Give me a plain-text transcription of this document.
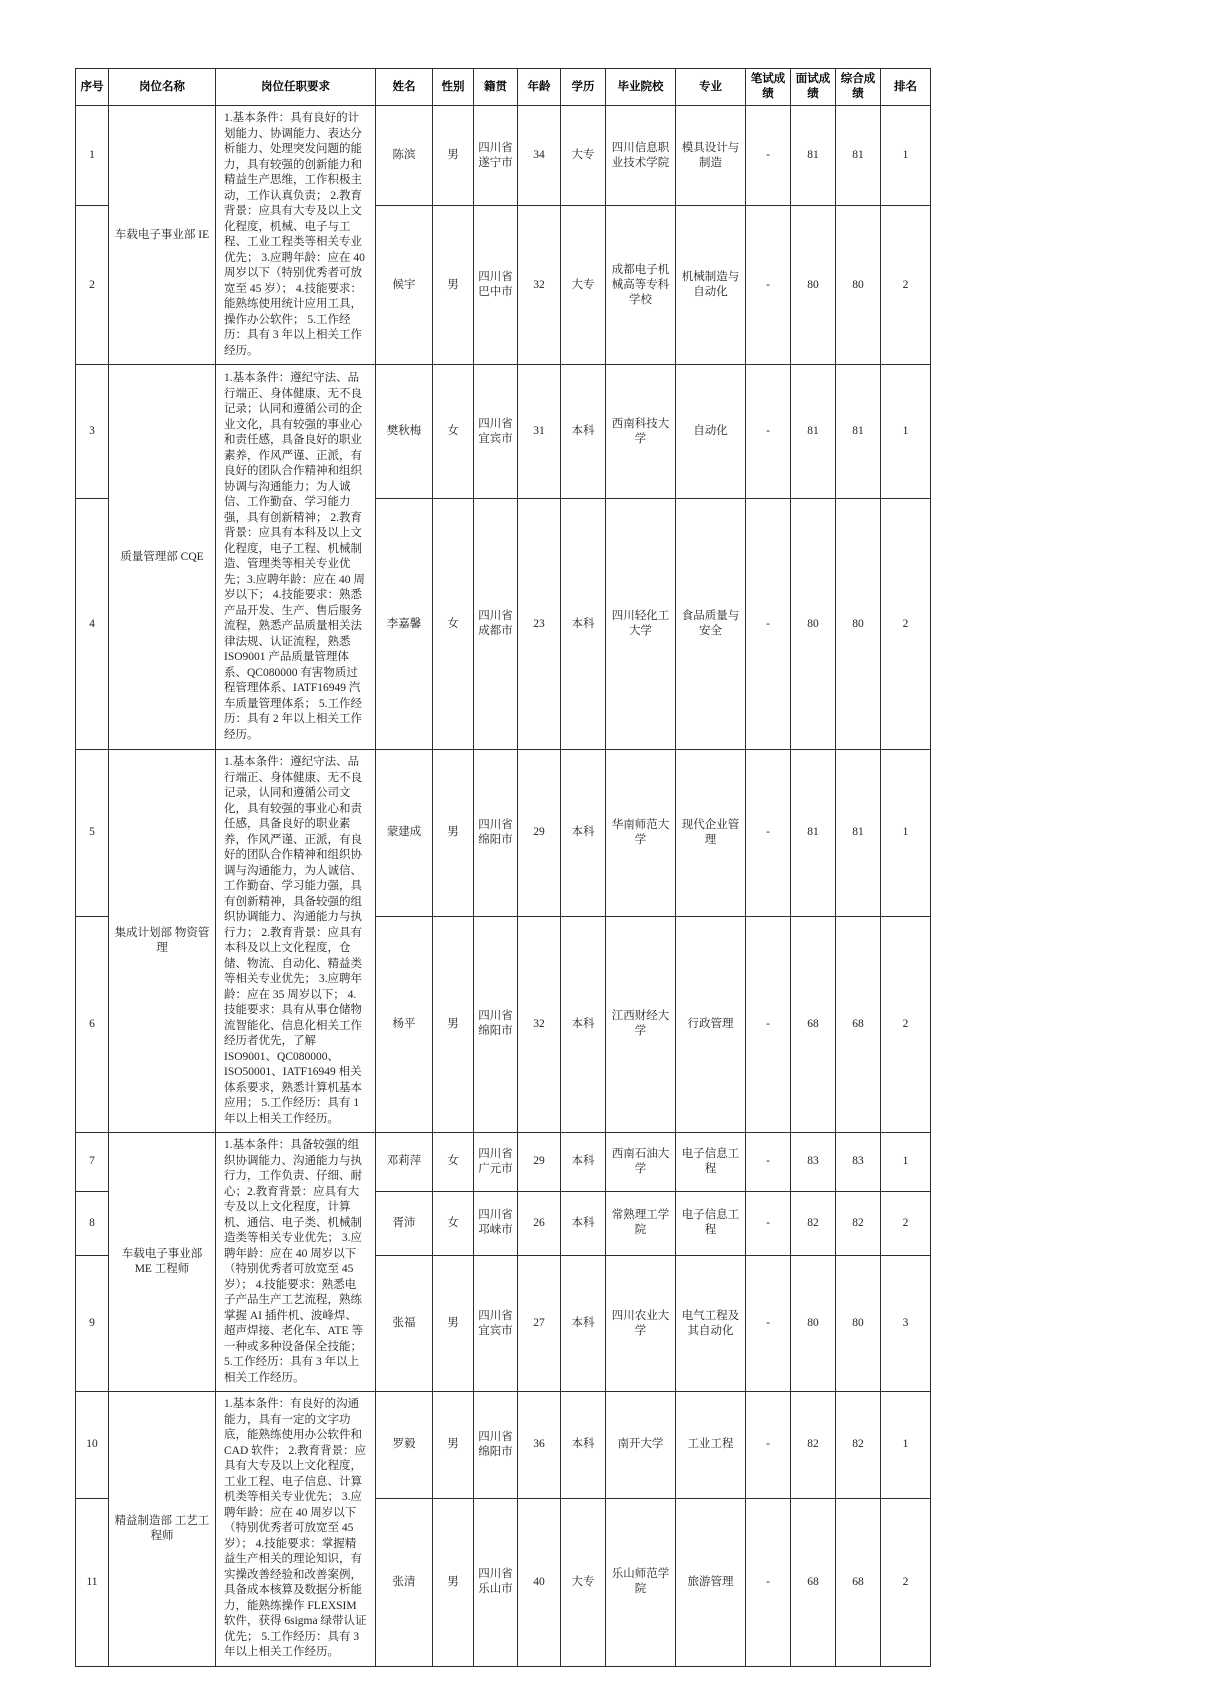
序号	岗位名称	岗位任职要求	姓名	性别	籍贯	年龄	学历	毕业院校	专业	笔试成绩	面试成绩	综合成绩	排名
1	车载电子事业部 IE	1.基本条件：具有良好的计划能力、协调能力、表达分析能力、处理突发问题的能力，具有较强的创新能力和精益生产思维，工作积极主动，工作认真负责； 2.教育背景：应具有大专及以上文化程度，机械、电子与工程、工业工程类等相关专业优先； 3.应聘年龄：应在 40 周岁以下（特别优秀者可放宽至 45 岁）； 4.技能要求：能熟练使用统计应用工具，操作办公软件； 5.工作经历：具有 3 年以上相关工作经历。	陈滨	男	四川省遂宁市	34	大专	四川信息职业技术学院	模具设计与制造	-	81	81	1
2			候宇	男	四川省巴中市	32	大专	成都电子机械高等专科学校	机械制造与自动化	-	80	80	2
3	质量管理部 CQE	1.基本条件：遵纪守法、品行端正、身体健康、无不良记录；认同和遵循公司的企业文化，具有较强的事业心和责任感，具备良好的职业素养，作风严谨、正派，有良好的团队合作精神和组织协调与沟通能力；为人诚信、工作勤奋、学习能力强，具有创新精神； 2.教育背景：应具有本科及以上文化程度，电子工程、机械制造、管理类等相关专业优先；3.应聘年龄：应在 40 周岁以下； 4.技能要求：熟悉产品开发、生产、售后服务流程，熟悉产品质量相关法律法规、认证流程，熟悉 ISO9001 产品质量管理体系、QC080000 有害物质过程管理体系、IATF16949 汽车质量管理体系； 5.工作经历：具有 2 年以上相关工作经历。	樊秋梅	女	四川省宜宾市	31	本科	西南科技大学	自动化	-	81	81	1
4			李嘉馨	女	四川省成都市	23	本科	四川轻化工大学	食品质量与安全	-	80	80	2
5	集成计划部 物资管理	1.基本条件：遵纪守法、品行端正、身体健康、无不良记录，认同和遵循公司文化，具有较强的事业心和责任感，具备良好的职业素养，作风严谨、正派，有良好的团队合作精神和组织协调与沟通能力，为人诚信、工作勤奋、学习能力强，具有创新精神，具备较强的组织协调能力、沟通能力与执行力； 2.教育背景：应具有本科及以上文化程度，仓储、物流、自动化、精益类等相关专业优先； 3.应聘年龄：应在 35 周岁以下； 4.技能要求：具有从事仓储物流智能化、信息化相关工作经历者优先，了解 ISO9001、QC080000、ISO50001、IATF16949 相关体系要求，熟悉计算机基本应用； 5.工作经历：具有 1 年以上相关工作经历。	蒙建成	男	四川省绵阳市	29	本科	华南师范大学	现代企业管理	-	81	81	1
6			杨平	男	四川省绵阳市	32	本科	江西财经大学	行政管理	-	68	68	2
7	车载电子事业部 ME 工程师	1.基本条件：具备较强的组织协调能力、沟通能力与执行力，工作负责、仔细、耐心；2.教育背景：应具有大专及以上文化程度，计算机、通信、电子类、机械制造类等相关专业优先； 3.应聘年龄：应在 40 周岁以下（特别优秀者可放宽至 45 岁）； 4.技能要求：熟悉电子产品生产工艺流程，熟练掌握 AI 插件机、波峰焊、超声焊接、老化车、ATE 等一种或多种设备保全技能； 5.工作经历：具有 3 年以上相关工作经历。	邓莉萍	女	四川省广元市	29	本科	西南石油大学	电子信息工程	-	83	83	1
8			胥沛	女	四川省邛崃市	26	本科	常熟理工学院	电子信息工程	-	82	82	2
9			张福	男	四川省宜宾市	27	本科	四川农业大学	电气工程及其自动化	-	80	80	3
10	精益制造部 工艺工程师	1.基本条件：有良好的沟通能力，具有一定的文字功底，能熟练使用办公软件和 CAD 软件； 2.教育背景：应具有大专及以上文化程度，工业工程、电子信息、计算机类等相关专业优先； 3.应聘年龄：应在 40 周岁以下（特别优秀者可放宽至 45 岁）； 4.技能要求：掌握精益生产相关的理论知识，有实操改善经验和改善案例，具备成本核算及数据分析能力，能熟练操作 FLEXSIM 软件，获得 6sigma 绿带认证优先； 5.工作经历：具有 3 年以上相关工作经历。	罗毅	男	四川省绵阳市	36	本科	南开大学	工业工程	-	82	82	1
11			张清	男	四川省乐山市	40	大专	乐山师范学院	旅游管理	-	68	68	2
